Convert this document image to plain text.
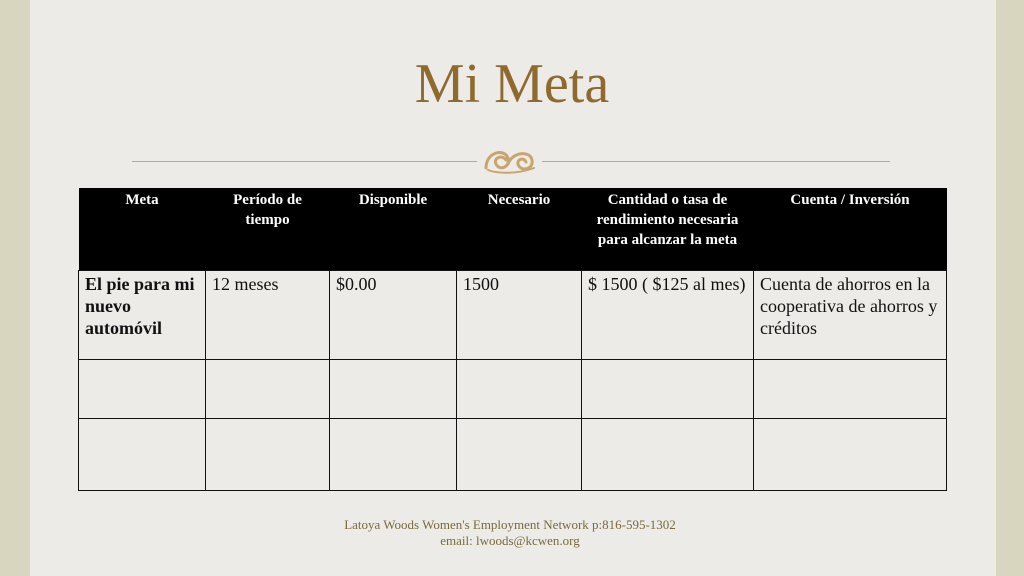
Mi Meta
Meta	Período de tiempo	Disponible	Necesario	Cantidad o tasa de rendimiento necesaria para alcanzar la meta	Cuenta / Inversión
El pie para mi nuevo automóvil	12 meses	$0.00	1500	$ 1500 ( $125 al mes)	Cuenta de ahorros en la cooperativa de ahorros y créditos

Latoya Woods Women's Employment Network p:816-595-1302 email: lwoods@kcwen.org
